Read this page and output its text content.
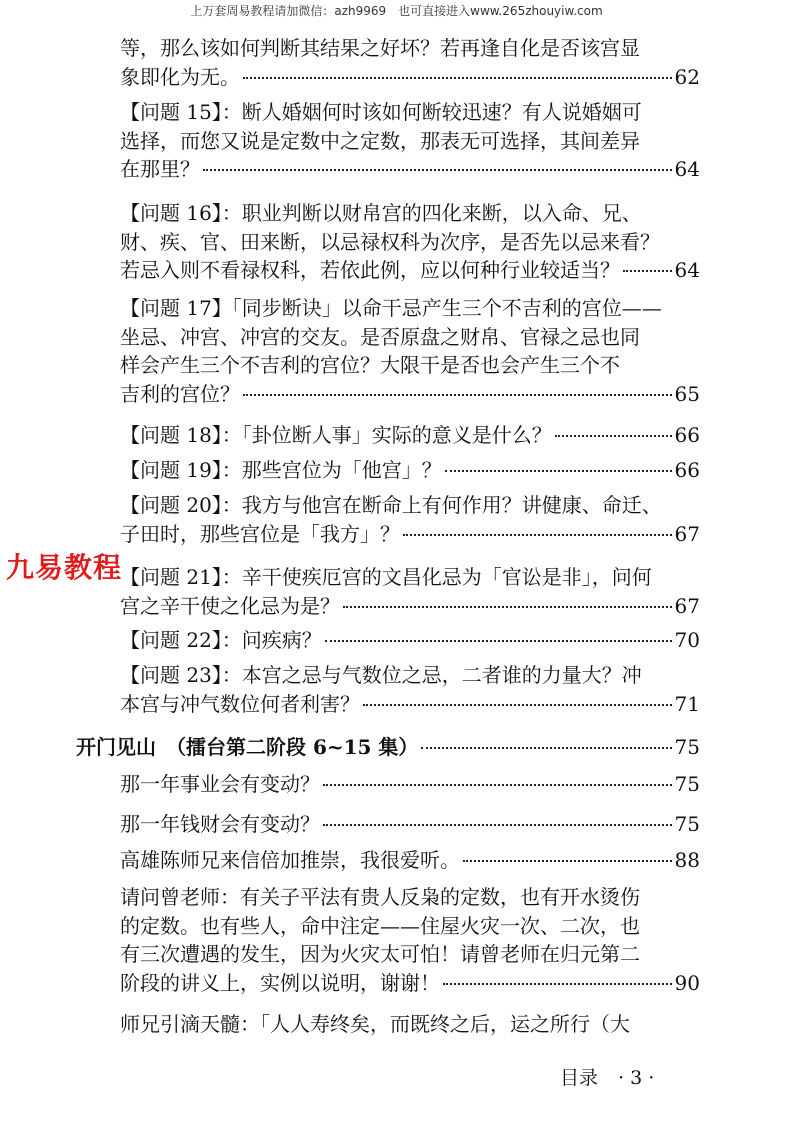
上万套周易教程请加微信：azh9969　也可直接进入www.265zhouyiw.com
九易教程
等，那么该如何判断其结果之好坏？若再逢自化是否该宫显
象即化为无。	62
【问题 15】：断人婚姻何时该如何断较迅速？有人说婚姻可
选择，而您又说是定数中之定数，那表无可选择，其间差异
在那里？	64
【问题 16】：职业判断以财帛宫的四化来断，以入命、兄、
财、疾、官、田来断，以忌禄权科为次序，是否先以忌来看？
若忌入则不看禄权科，若依此例，应以何种行业较适当？	64
【问题 17】「同步断诀」以命干忌产生三个不吉利的宫位——
坐忌、冲宫、冲宫的交友。是否原盘之财帛、官禄之忌也同
样会产生三个不吉利的宫位？大限干是否也会产生三个不
吉利的宫位？	65
【问题 18】：「卦位断人事」实际的意义是什么？	66
【问题 19】：那些宫位为「他宫」？	66
【问题 20】：我方与他宫在断命上有何作用？讲健康、命迁、
子田时，那些宫位是「我方」？	67
【问题 21】：辛干使疾厄宫的文昌化忌为「官讼是非」，问何
宫之辛干使之化忌为是？	67
【问题 22】：问疾病？	70
【问题 23】：本宫之忌与气数位之忌，二者谁的力量大？冲
本宫与冲气数位何者利害？	71
开门见山　（擂台第二阶段 6~15 集）	75
那一年事业会有变动？	75
那一年钱财会有变动？	75
高雄陈师兄来信倍加推崇，我很爱听。	88
请问曾老师：有关子平法有贵人反枭的定数，也有开水烫伤
的定数。也有些人，命中注定——住屋火灾一次、二次，也
有三次遭遇的发生，因为火灾太可怕！请曾老师在归元第二
阶段的讲义上，实例以说明，谢谢！	90
师兄引滴天髓：「人人寿终矣，而既终之后，运之所行（大
目录 · 3 ·
